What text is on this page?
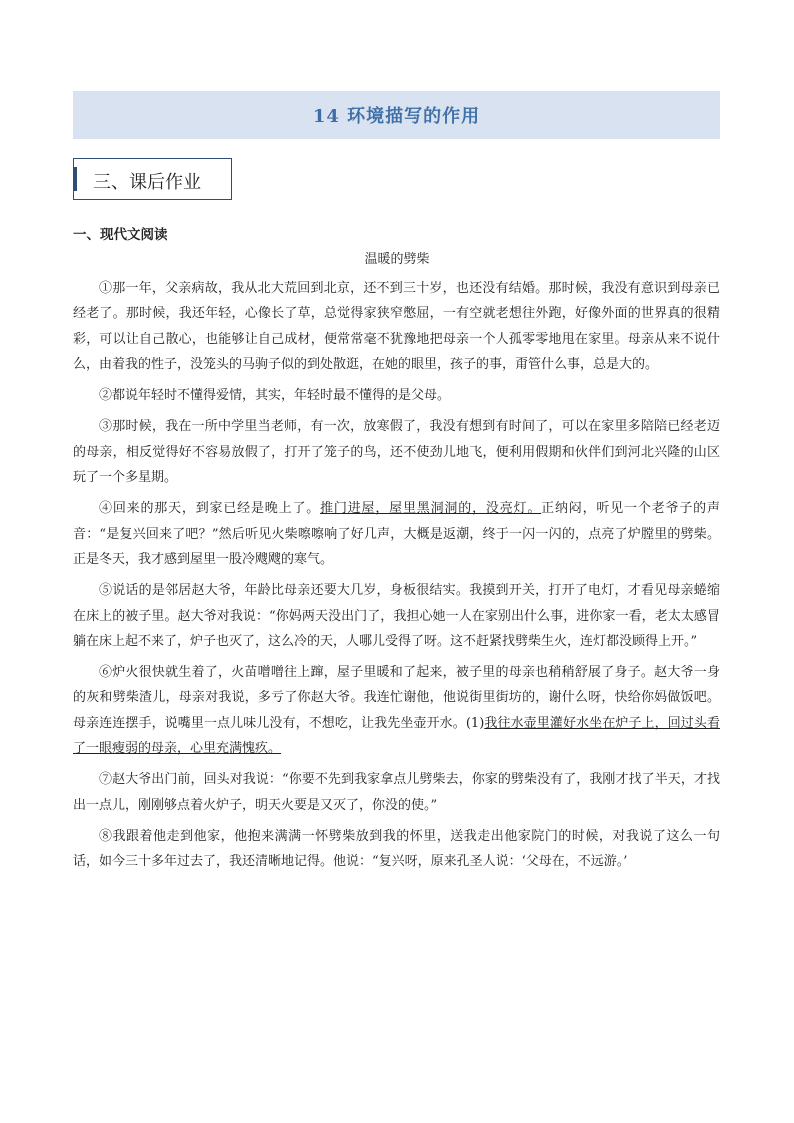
14 环境描写的作用
三、课后作业
一、现代文阅读
温暖的劈柴

①那一年，父亲病故，我从北大荒回到北京，还不到三十岁，也还没有结婚。那时候，我没有意识到母亲已经老了。那时候，我还年轻，心像长了草，总觉得家狭窄憋屈，一有空就老想往外跑，好像外面的世界真的很精彩，可以让自己散心，也能够让自己成材，便常常毫不犹豫地把母亲一个人孤零零地甩在家里。母亲从来不说什么，由着我的性子，没笼头的马驹子似的到处散逛，在她的眼里，孩子的事，甭管什么事，总是大的。

②都说年轻时不懂得爱情，其实，年轻时最不懂得的是父母。

③那时候，我在一所中学里当老师，有一次，放寒假了，我没有想到有时间了，可以在家里多陪陪已经老迈的母亲，相反觉得好不容易放假了，打开了笼子的鸟，还不使劲儿地飞，便利用假期和伙伴们到河北兴隆的山区玩了一个多星期。

④回来的那天，到家已经是晚上了。推门进屋，屋里黑洞洞的，没亮灯。正纳闷，听见一个老爷子的声音：“是复兴回来了吧？”然后听见火柴嚓嚓响了好几声，大概是返潮，终于一闪一闪的，点亮了炉膛里的劈柴。正是冬天，我才感到屋里一股冷飕飕的寒气。

⑤说话的是邻居赵大爷，年龄比母亲还要大几岁，身板很结实。我摸到开关，打开了电灯，才看见母亲蜷缩在床上的被子里。赵大爷对我说：“你妈两天没出门了，我担心她一人在家别出什么事，进你家一看，老太太感冒躺在床上起不来了，炉子也灭了，这么冷的天，人哪儿受得了呀。这不赶紧找劈柴生火，连灯都没顾得上开。”

⑥炉火很快就生着了，火苗噌噌往上蹿，屋子里暖和了起来，被子里的母亲也稍稍舒展了身子。赵大爷一身的灰和劈柴渣儿，母亲对我说，多亏了你赵大爷。我连忙谢他，他说街里街坊的，谢什么呀，快给你妈做饭吧。母亲连连摆手，说嘴里一点儿味儿没有，不想吃，让我先坐壶开水。(1)我往水壶里灌好水坐在炉子上，回过头看了一眼瘦弱的母亲，心里充满愧疚。

⑦赵大爷出门前，回头对我说：“你要不先到我家拿点儿劈柴去，你家的劈柴没有了，我刚才找了半天，才找出一点儿，刚刚够点着火炉子，明天火要是又灭了，你没的使。”

⑧我跟着他走到他家，他抱来满满一怀劈柴放到我的怀里，送我走出他家院门的时候，对我说了这么一句话，如今三十多年过去了，我还清晰地记得。他说：“复兴呀，原来孔圣人说：‘父母在，不远游。’
